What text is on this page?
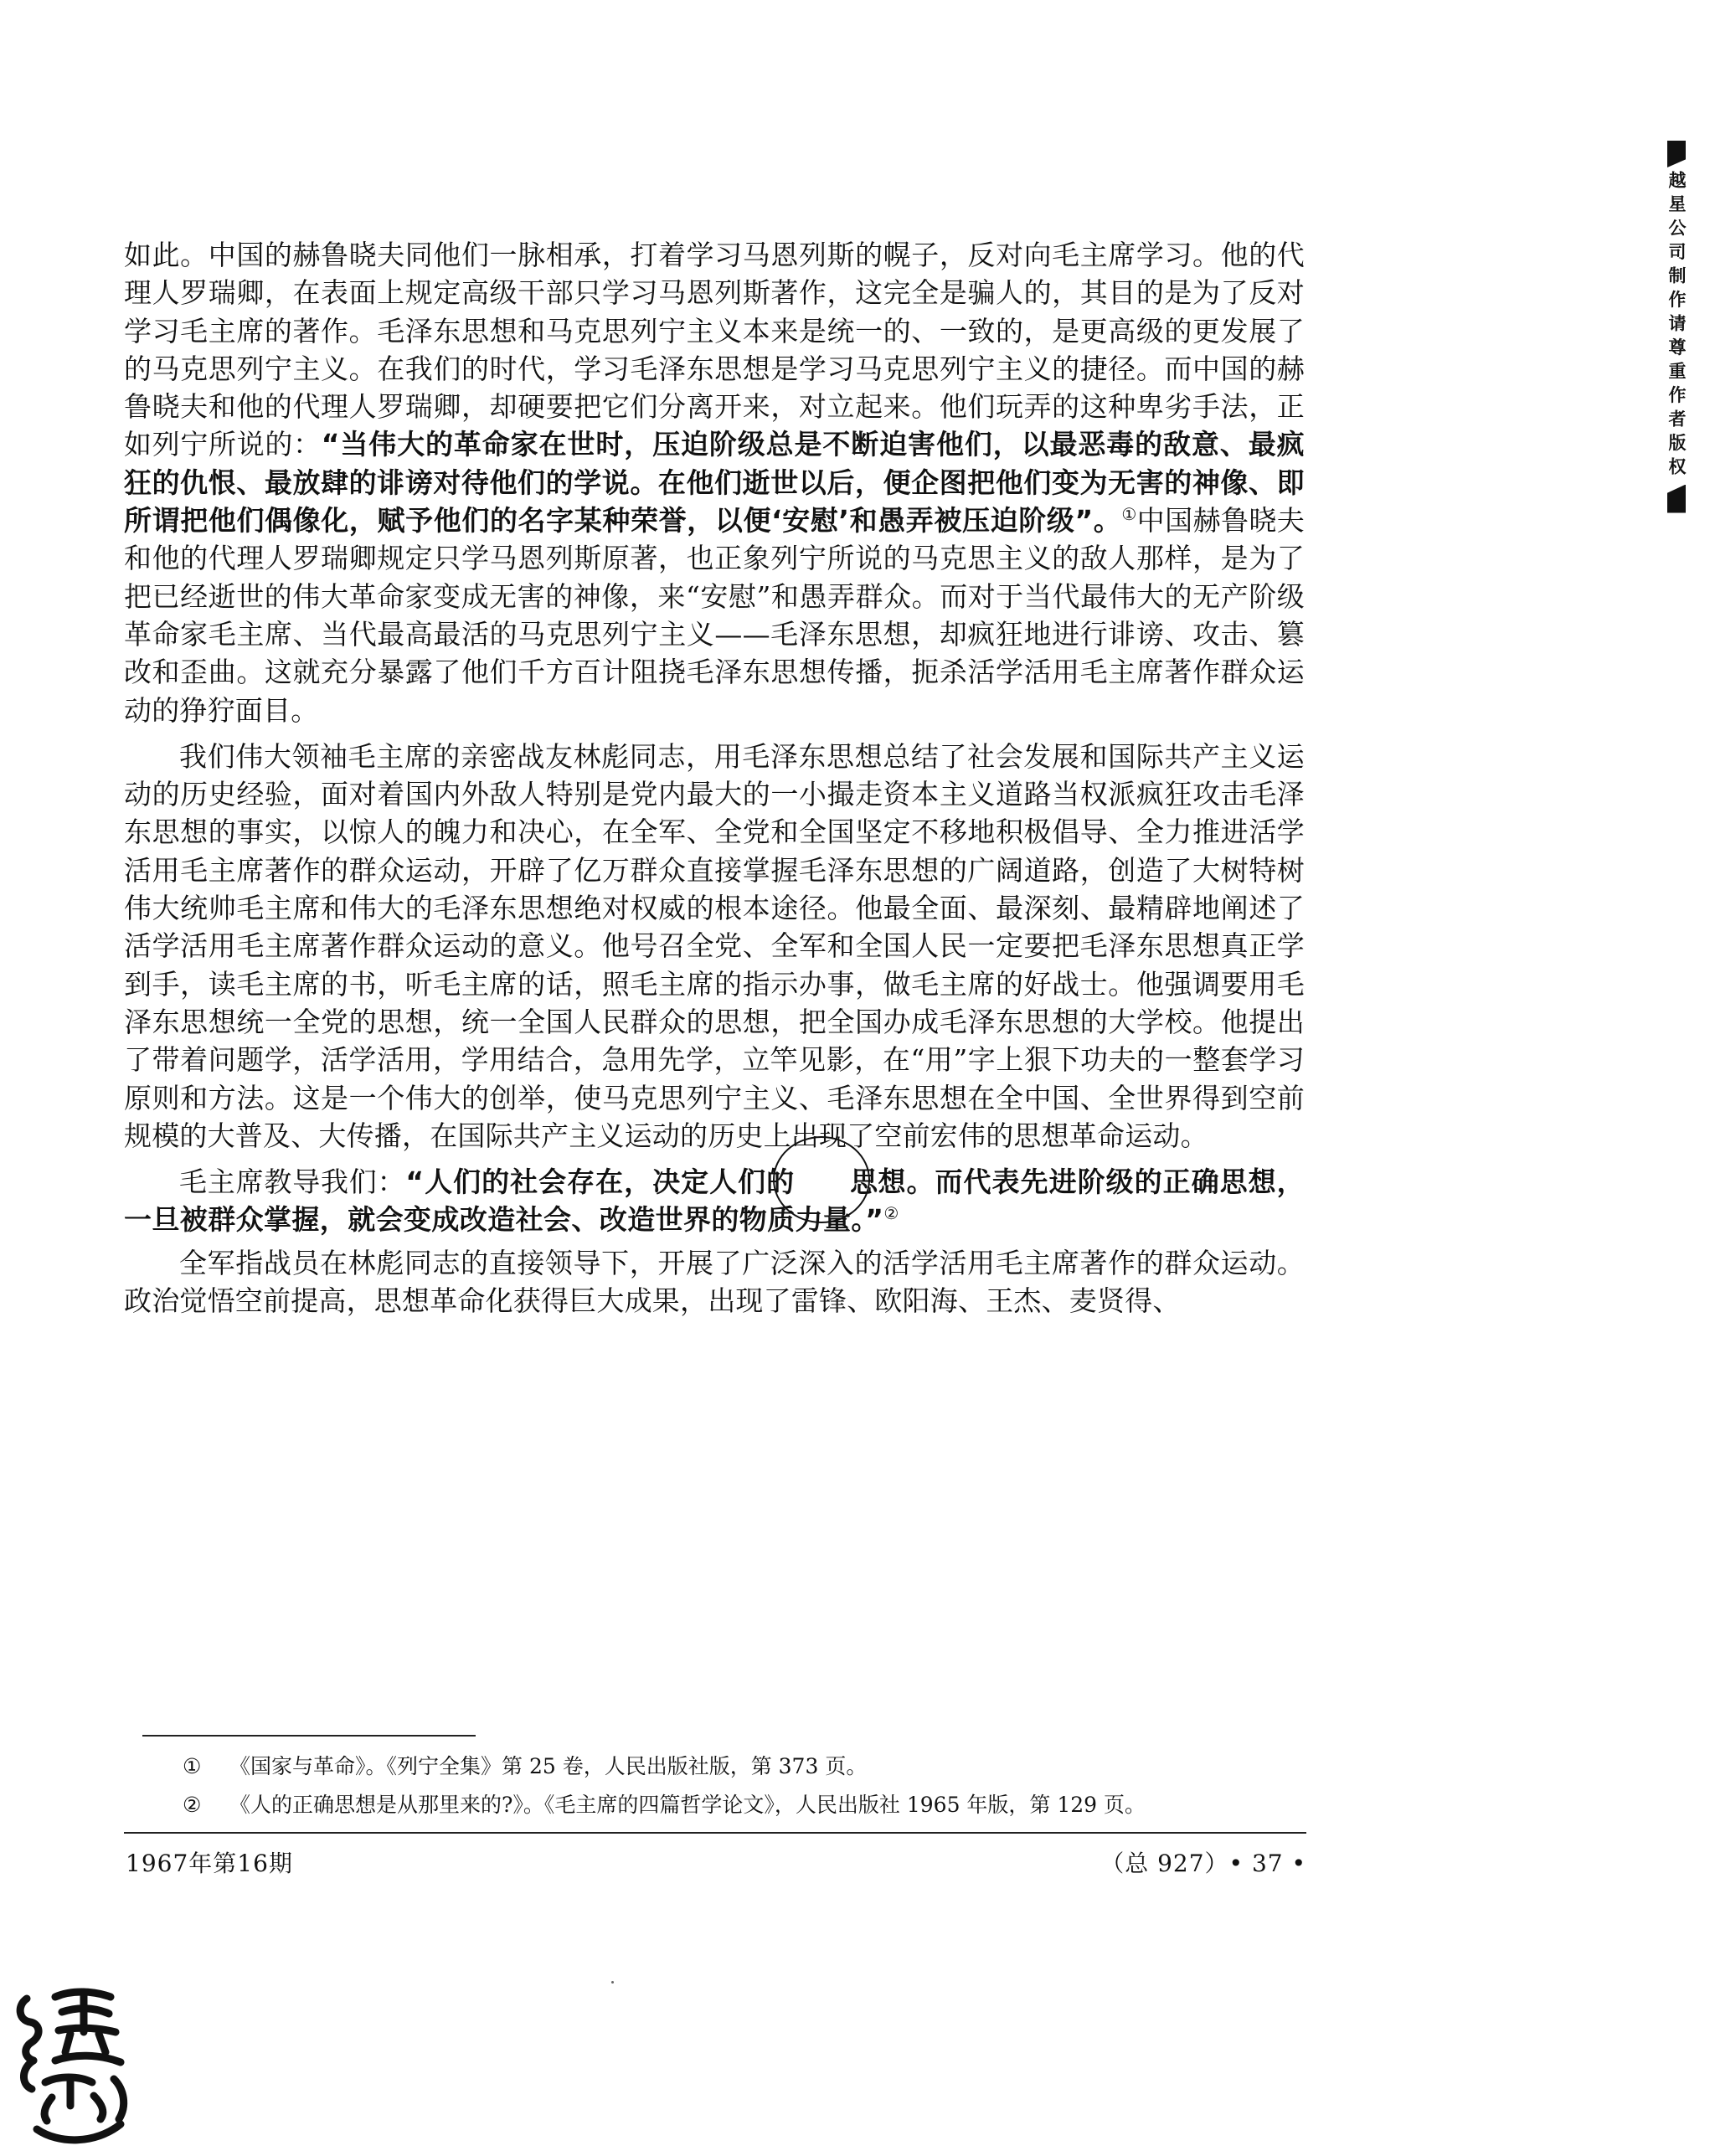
越星公司制作请尊重作者版权

如此。中国的赫鲁晓夫同他们一脉相承，打着学习马恩列斯的幌子，反对向毛主席学习。他的代理人罗瑞卿，在表面上规定高级干部只学习马恩列斯著作，这完全是骗人的，其目的是为了反对学习毛主席的著作。毛泽东思想和马克思列宁主义本来是统一的、一致的，是更高级的更发展了的马克思列宁主义。在我们的时代，学习毛泽东思想是学习马克思列宁主义的捷径。而中国的赫鲁晓夫和他的代理人罗瑞卿，却硬要把它们分离开来，对立起来。他们玩弄的这种卑劣手法，正如列宁所说的：“当伟大的革命家在世时，压迫阶级总是不断迫害他们，以最恶毒的敌意、最疯狂的仇恨、最放肆的诽谤对待他们的学说。在他们逝世以后，便企图把他们变为无害的神像、即所谓把他们偶像化，赋予他们的名字某种荣誉，以便‘安慰’和愚弄被压迫阶级”。①中国赫鲁晓夫和他的代理人罗瑞卿规定只学马恩列斯原著，也正象列宁所说的马克思主义的敌人那样，是为了把已经逝世的伟大革命家变成无害的神像，来“安慰”和愚弄群众。而对于当代最伟大的无产阶级革命家毛主席、当代最高最活的马克思列宁主义——毛泽东思想，却疯狂地进行诽谤、攻击、篡改和歪曲。这就充分暴露了他们千方百计阻挠毛泽东思想传播，扼杀活学活用毛主席著作群众运动的狰狞面目。

我们伟大领袖毛主席的亲密战友林彪同志，用毛泽东思想总结了社会发展和国际共产主义运动的历史经验，面对着国内外敌人特别是党内最大的一小撮走资本主义道路当权派疯狂攻击毛泽东思想的事实，以惊人的魄力和决心，在全军、全党和全国坚定不移地积极倡导、全力推进活学活用毛主席著作的群众运动，开辟了亿万群众直接掌握毛泽东思想的广阔道路，创造了大树特树伟大统帅毛主席和伟大的毛泽东思想绝对权威的根本途径。他最全面、最深刻、最精辟地阐述了活学活用毛主席著作群众运动的意义。他号召全党、全军和全国人民一定要把毛泽东思想真正学到手，读毛主席的书，听毛主席的话，照毛主席的指示办事，做毛主席的好战士。他强调要用毛泽东思想统一全党的思想，统一全国人民群众的思想，把全国办成毛泽东思想的大学校。他提出了带着问题学，活学活用，学用结合，急用先学，立竿见影，在“用”字上狠下功夫的一整套学习原则和方法。这是一个伟大的创举，使马克思列宁主义、毛泽东思想在全中国、全世界得到空前规模的大普及、大传播，在国际共产主义运动的历史上出现了空前宏伟的思想革命运动。

毛主席教导我们：“人们的社会存在，决定人们的 思想。而代表先进阶级的正确思想，一旦被群众掌握，就会变成改造社会、改造世界的物质力量。”②

全军指战员在林彪同志的直接领导下，开展了广泛深入的活学活用毛主席著作的群众运动。政治觉悟空前提高，思想革命化获得巨大成果，出现了雷锋、欧阳海、王杰、麦贤得、

①	《国家与革命》。《列宁全集》第 25 卷，人民出版社版，第 373 页。
②	《人的正确思想是从那里来的?》。《毛主席的四篇哲学论文》，人民出版社 1965 年版，第 129 页。
1967年第16期	（总 927）• 37 •
陆少
